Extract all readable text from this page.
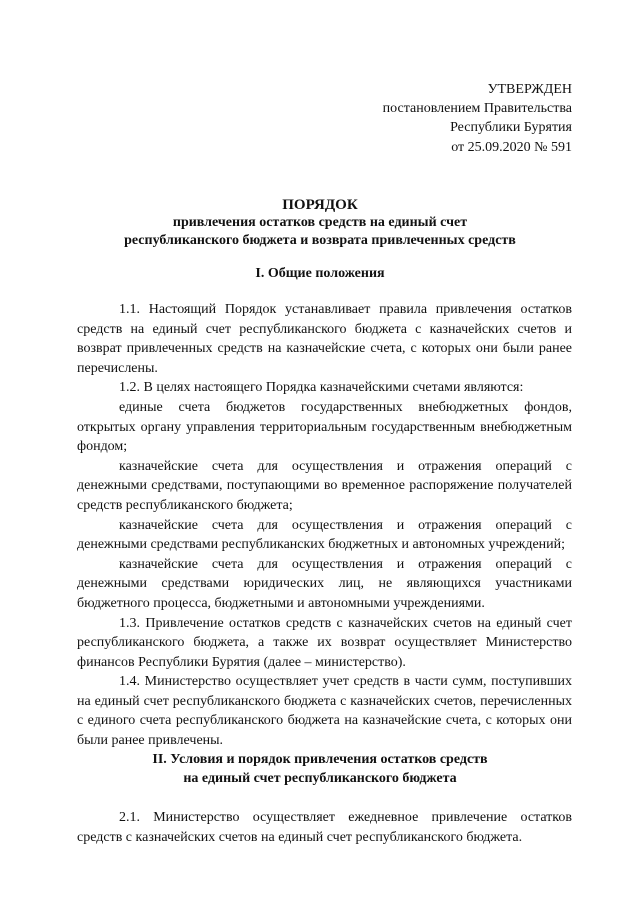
УТВЕРЖДЕН
постановлением Правительства
Республики Бурятия
от 25.09.2020 № 591
ПОРЯДОК
привлечения остатков средств на единый счет
республиканского бюджета и возврата привлеченных средств
I. Общие положения

1.1. Настоящий Порядок устанавливает правила привлечения остатков средств на единый счет республиканского бюджета с казначейских счетов и возврат привлеченных средств на казначейские счета, с которых они были ранее перечислены.

1.2. В целях настоящего Порядка казначейскими счетами являются:

единые счета бюджетов государственных внебюджетных фондов, открытых органу управления территориальным государственным внебюджетным фондом;

казначейские счета для осуществления и отражения операций с денежными средствами, поступающими во временное распоряжение получателей средств республиканского бюджета;

казначейские счета для осуществления и отражения операций с денежными средствами республиканских бюджетных и автономных учреждений;

казначейские счета для осуществления и отражения операций с денежными средствами юридических лиц, не являющихся участниками бюджетного процесса, бюджетными и автономными учреждениями.

1.3. Привлечение остатков средств с казначейских счетов на единый счет республиканского бюджета, а также их возврат осуществляет Министерство финансов Республики Бурятия (далее – министерство).

1.4. Министерство осуществляет учет средств в части сумм, поступивших на единый счет республиканского бюджета с казначейских счетов, перечисленных с единого счета республиканского бюджета на казначейские счета, с которых они были ранее привлечены.

II. Условия и порядок привлечения остатков средств
на единый счет республиканского бюджета

2.1. Министерство осуществляет ежедневное привлечение остатков средств с казначейских счетов на единый счет республиканского бюджета.
